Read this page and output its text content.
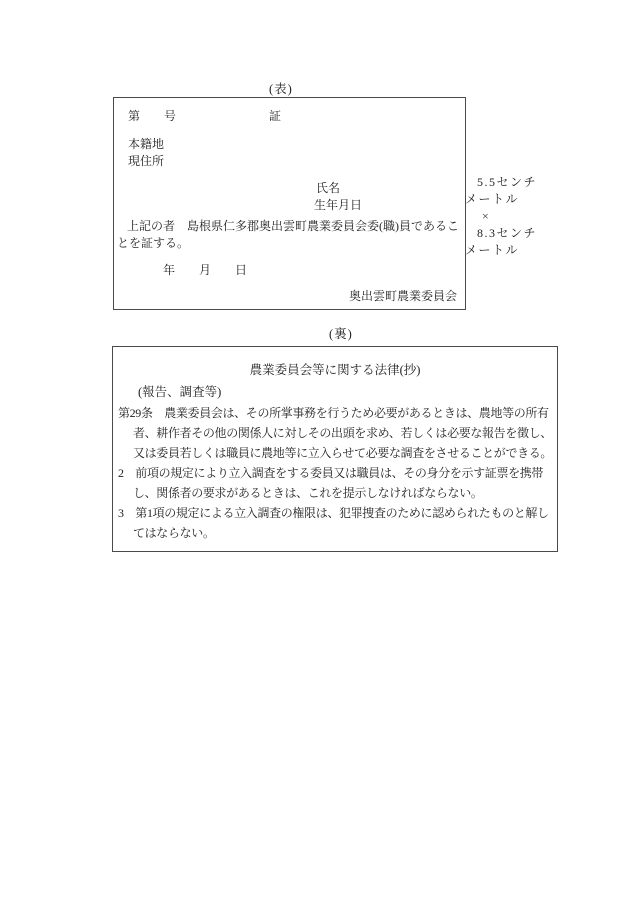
(表)
第　　号	証
本籍地
現住所
氏名
生年月日
上記の者　島根県仁多郡奥出雲町農業委員会委(職)員であるこ
とを証する。
年　　月　　日
奥出雲町農業委員会
5.5センチ
メートル
×
8.3センチ
メートル
(裏)
農業委員会等に関する法律(抄)
(報告、調査等)
第29条　農業委員会は、その所掌事務を行うため必要があるときは、農地等の所有
者、耕作者その他の関係人に対しその出頭を求め、若しくは必要な報告を徴し、
又は委員若しくは職員に農地等に立入らせて必要な調査をさせることができる。
2　前項の規定により立入調査をする委員又は職員は、その身分を示す証票を携帯
し、関係者の要求があるときは、これを提示しなければならない。
3　第1項の規定による立入調査の権限は、犯罪捜査のために認められたものと解し
てはならない。
